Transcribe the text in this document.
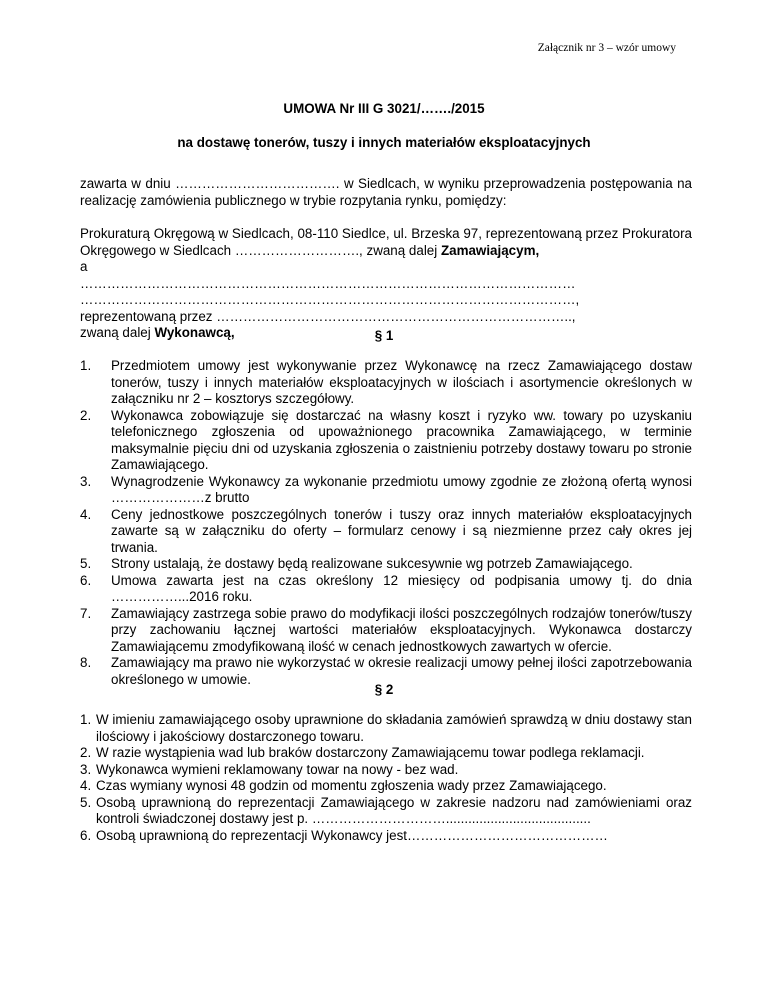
Załącznik nr 3 – wzór umowy
UMOWA Nr III G 3021/……./2015
na dostawę tonerów, tuszy i innych materiałów eksploatacyjnych

zawarta w dniu ………………………………. w Siedlcach, w wyniku przeprowadzenia postępowania na realizację zamówienia publicznego w trybie rozpytania rynku, pomiędzy:

Prokuraturą Okręgową w Siedlcach, 08-110 Siedlce, ul. Brzeska 97, reprezentowaną przez Prokuratora Okręgowego w Siedlcach ………………………., zwaną dalej Zamawiającym,

a

…………………………………………………………………………………………………

…………………………………………………………………………………………………,

reprezentowaną przez ……………………………………………………………………..,

zwaną dalej Wykonawcą,	§ 1
1. Przedmiotem umowy jest wykonywanie przez Wykonawcę na rzecz Zamawiającego dostaw tonerów, tuszy i innych materiałów eksploatacyjnych w ilościach i asortymencie określonych w załączniku nr 2 – kosztorys szczegółowy.
2. Wykonawca zobowiązuje się dostarczać na własny koszt i ryzyko ww. towary po uzyskaniu telefonicznego zgłoszenia od upoważnionego pracownika Zamawiającego, w terminie maksymalnie pięciu dni od uzyskania zgłoszenia o zaistnieniu potrzeby dostawy towaru po stronie Zamawiającego.
3. Wynagrodzenie Wykonawcy za wykonanie przedmiotu umowy zgodnie ze złożoną ofertą wynosi …………………z brutto
4. Ceny jednostkowe poszczególnych tonerów i tuszy oraz innych materiałów eksploatacyjnych zawarte są w załączniku do oferty – formularz cenowy i są niezmienne przez cały okres jej trwania.
5. Strony ustalają, że dostawy będą realizowane sukcesywnie wg potrzeb Zamawiającego.
6. Umowa zawarta jest na czas określony 12 miesięcy od podpisania umowy tj. do dnia ……………...2016 roku.
7. Zamawiający zastrzega sobie prawo do modyfikacji ilości poszczególnych rodzajów tonerów/tuszy przy zachowaniu łącznej wartości materiałów eksploatacyjnych. Wykonawca dostarczy Zamawiającemu zmodyfikowaną ilość w cenach jednostkowych zawartych w ofercie.
8. Zamawiający ma prawo nie wykorzystać w okresie realizacji umowy pełnej ilości zapotrzebowania określonego w umowie.
§ 2
1. W imieniu zamawiającego osoby uprawnione do składania zamówień sprawdzą w dniu dostawy stan ilościowy i jakościowy dostarczonego towaru.
2. W razie wystąpienia wad lub braków dostarczony Zamawiającemu towar podlega reklamacji.
3. Wykonawca wymieni reklamowany towar na nowy - bez wad.
4. Czas wymiany wynosi 48 godzin od momentu zgłoszenia wady przez Zamawiającego.
5. Osobą uprawnioną do reprezentacji Zamawiającego w zakresie nadzoru nad zamówieniami oraz kontroli świadczonej dostawy jest p. ………………………….......................................
6. Osobą uprawnioną do reprezentacji Wykonawcy jest………………………………………
